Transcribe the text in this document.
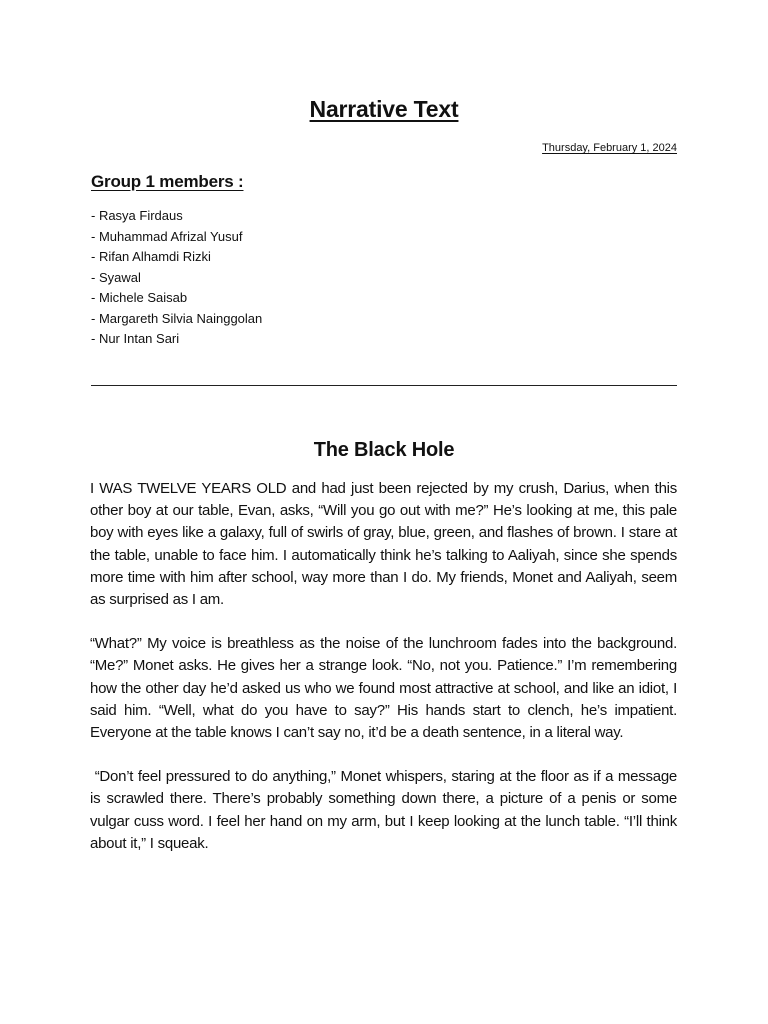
Narrative Text
Thursday, February 1, 2024
Group 1 members :
- Rasya Firdaus
- Muhammad Afrizal Yusuf
- Rifan Alhamdi Rizki
- Syawal
- Michele Saisab
- Margareth Silvia Nainggolan
- Nur Intan Sari
The Black Hole

I WAS TWELVE YEARS OLD and had just been rejected by my crush, Darius, when this other boy at our table, Evan, asks, “Will you go out with me?” He’s looking at me, this pale boy with eyes like a galaxy, full of swirls of gray, blue, green, and flashes of brown. I stare at the table, unable to face him. I automatically think he’s talking to Aaliyah, since she spends more time with him after school, way more than I do. My friends, Monet and Aaliyah, seem as surprised as I am.

“What?” My voice is breathless as the noise of the lunchroom fades into the background. “Me?” Monet asks. He gives her a strange look. “No, not you. Patience.” I’m remembering how the other day he’d asked us who we found most attractive at school, and like an idiot, I said him. “Well, what do you have to say?” His hands start to clench, he’s impatient. Everyone at the table knows I can’t say no, it’d be a death sentence, in a literal way.

“Don’t feel pressured to do anything,” Monet whispers, staring at the floor as if a message is scrawled there. There’s probably something down there, a picture of a penis or some vulgar cuss word. I feel her hand on my arm, but I keep looking at the lunch table. “I’ll think about it,” I squeak.
